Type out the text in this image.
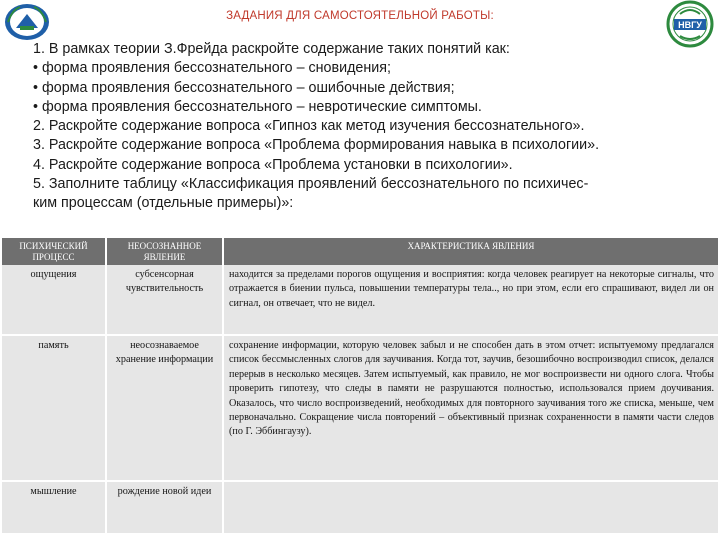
ЗАДАНИЯ ДЛЯ САМОСТОЯТЕЛЬНОЙ РАБОТЫ:
НВГУ
1. В рамках теории З.Фрейда раскройте содержание таких понятий как:
• форма проявления бессознательного – сновидения;
• форма проявления бессознательного – ошибочные действия;
• форма проявления бессознательного – невротические симптомы.
2. Раскройте содержание вопроса «Гипноз как метод изучения бессознательного».
3. Раскройте содержание вопроса «Проблема формирования навыка в психологии».
4. Раскройте содержание вопроса «Проблема установки в психологии».
5. Заполните таблицу «Классификация проявлений бессознательного по психичес-
ким процессам (отдельные примеры)»:
ПСИХИЧЕСКИЙ ПРОЦЕСС	НЕОСОЗНАННОЕ ЯВЛЕНИЕ	ХАРАКТЕРИСТИКА ЯВЛЕНИЯ
ощущения	субсенсорная чувствительность	находится за пределами порогов ощущения и восприятия: когда человек реагирует на некоторые сигналы, что отражается в биении пульса, повышении температуры тела.., но при этом, если его спрашивают, видел ли он сигнал, он отвечает, что не видел.
память	неосознаваемое хранение информации	сохранение информации, которую человек забыл и не способен дать в этом отчет: испытуемому предлагался список бессмысленных слогов для заучивания. Когда тот, заучив, безошибочно воспроизводил список, делался перерыв в несколько месяцев. Затем испытуемый, как правило, не мог воспроизвести ни одного слога. Чтобы проверить гипотезу, что следы в памяти не разрушаются полностью, использовался прием доучивания. Оказалось, что число воспроизведений, необходимых для повторного заучивания того же списка, меньше, чем первоначально. Сокращение числа повторений – объективный признак сохраненности в памяти части следов (по Г. Эббингаузу).
мышление	рождение новой идеи	
